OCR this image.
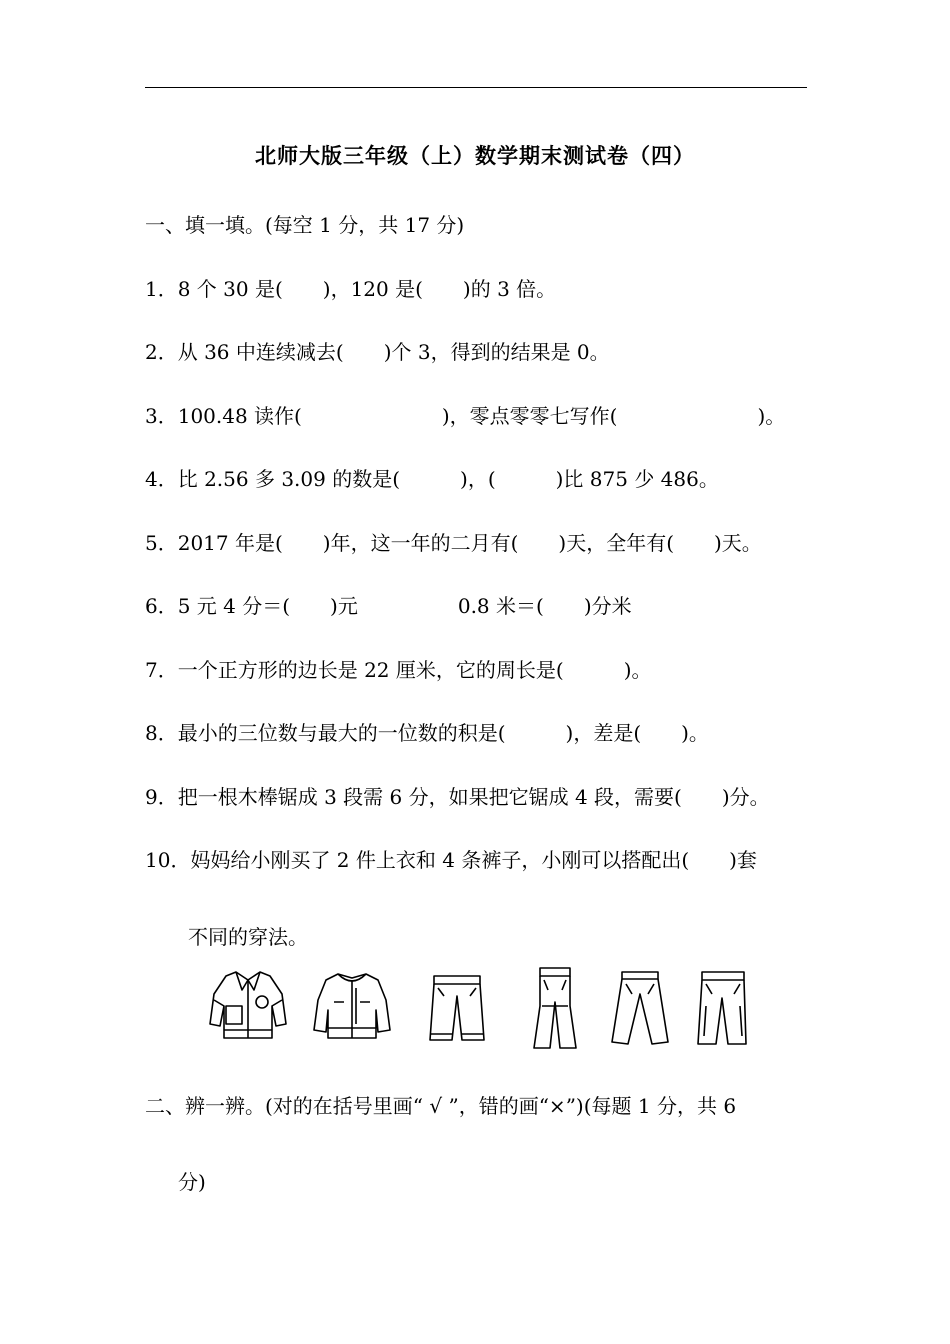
北师大版三年级（上）数学期末测试卷（四）
一、填一填。(每空 1 分，共 17 分)
1．8 个 30 是(　　)，120 是(　　)的 3 倍。
2．从 36 中连续减去(　　)个 3，得到的结果是 0。
3．100.48 读作(　　　　　　　)，零点零零七写作(　　　　　　　)。
4．比 2.56 多 3.09 的数是(　　　)，(　　　)比 875 少 486。
5．2017 年是(　　)年，这一年的二月有(　　)天，全年有(　　)天。
6．5 元 4 分＝(　　)元　　　　　0.8 米＝(　　)分米
7．一个正方形的边长是 22 厘米，它的周长是(　　　)。
8．最小的三位数与最大的一位数的积是(　　　)，差是(　　)。
9．把一根木棒锯成 3 段需 6 分，如果把它锯成 4 段，需要(　　)分。
10．妈妈给小刚买了 2 件上衣和 4 条裤子，小刚可以搭配出(　　)套
不同的穿法。
二、辨一辨。(对的在括号里画“ √ ”，错的画“×”)(每题 1 分，共 6
分)
